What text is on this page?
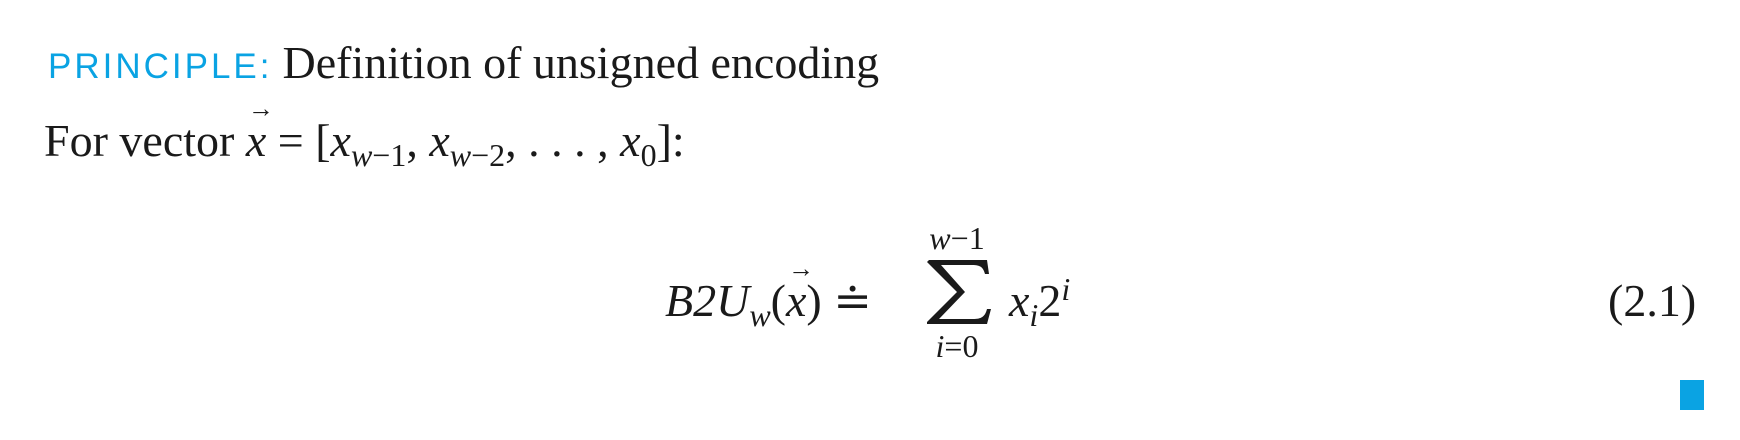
PRINCIPLE: Definition of unsigned encoding
For vector → $x = [x_{w-1}$, $x_{w-2}$, . . . , $x_0$]:
$B2U_w(\to x)$ ≐
w−1
i=0
$x_i2^i$	(2.1)
